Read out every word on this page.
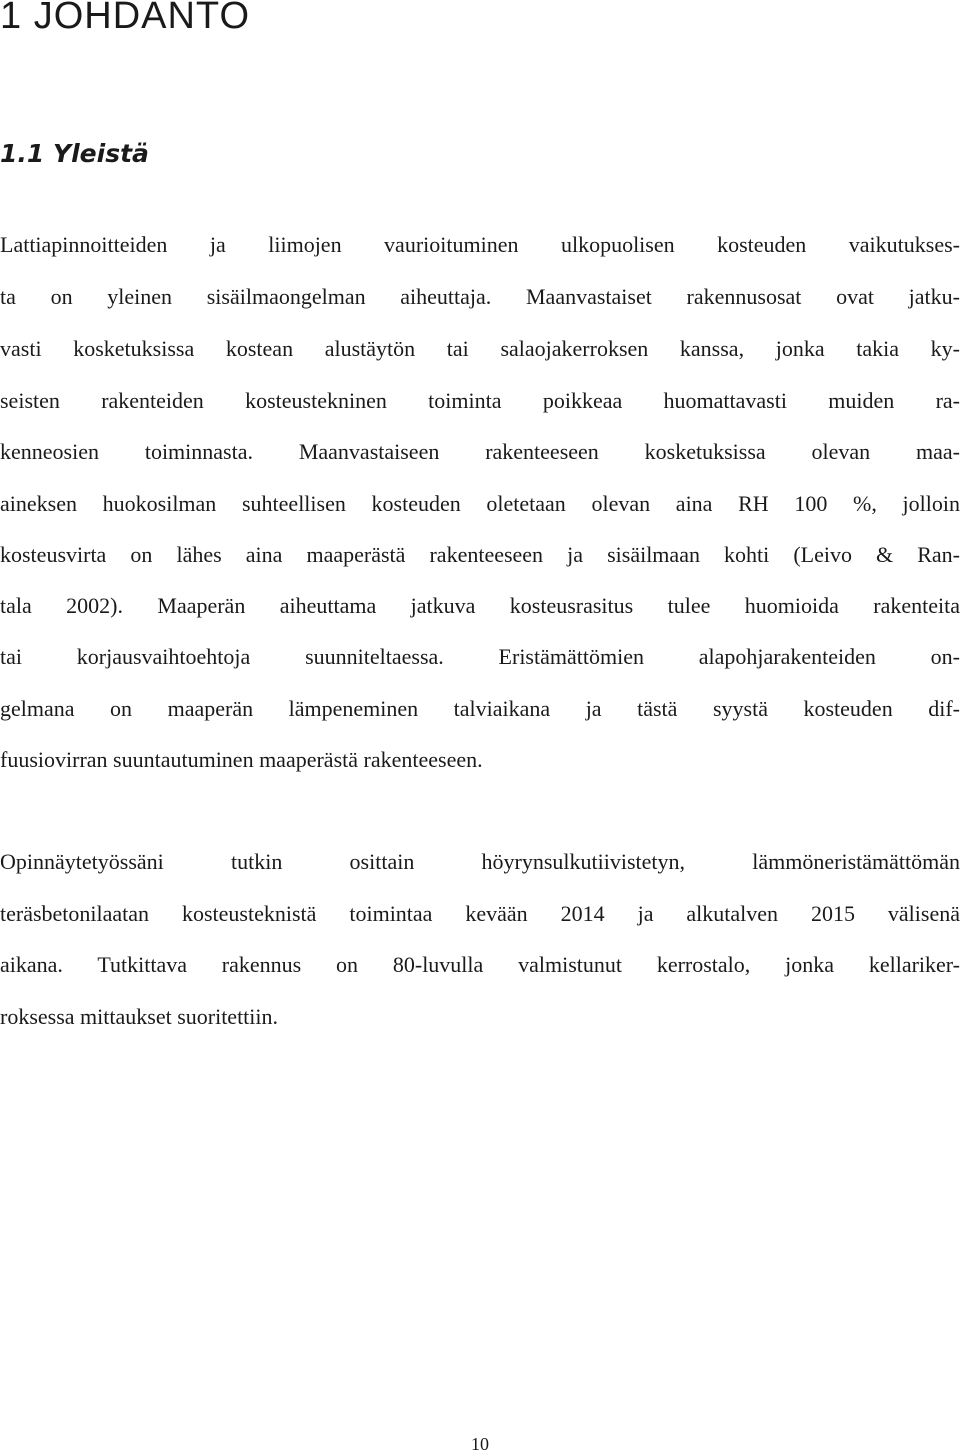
1 JOHDANTO
1.1 Yleistä

Lattiapinnoitteiden ja liimojen vaurioituminen ulkopuolisen kosteuden vaikutukses-

ta on yleinen sisäilmaongelman aiheuttaja. Maanvastaiset rakennusosat ovat jatku-

vasti kosketuksissa kostean alustäytön tai salaojakerroksen kanssa, jonka takia ky-

seisten rakenteiden kosteustekninen toiminta poikkeaa huomattavasti muiden ra-

kenneosien toiminnasta. Maanvastaiseen rakenteeseen kosketuksissa olevan maa-

aineksen huokosilman suhteellisen kosteuden oletetaan olevan aina RH 100 %, jolloin

kosteusvirta on lähes aina maaperästä rakenteeseen ja sisäilmaan kohti (Leivo & Ran-

tala 2002). Maaperän aiheuttama jatkuva kosteusrasitus tulee huomioida rakenteita

tai korjausvaihtoehtoja suunniteltaessa. Eristämättömien alapohjarakenteiden on-

gelmana on maaperän lämpeneminen talviaikana ja tästä syystä kosteuden dif-

fuusiovirran suuntautuminen maaperästä rakenteeseen.

Opinnäytetyössäni tutkin osittain höyrynsulkutiivistetyn, lämmöneristämättömän

teräsbetonilaatan kosteusteknistä toimintaa kevään 2014 ja alkutalven 2015 välisenä

aikana. Tutkittava rakennus on 80-luvulla valmistunut kerrostalo, jonka kellariker-

roksessa mittaukset suoritettiin.

10
